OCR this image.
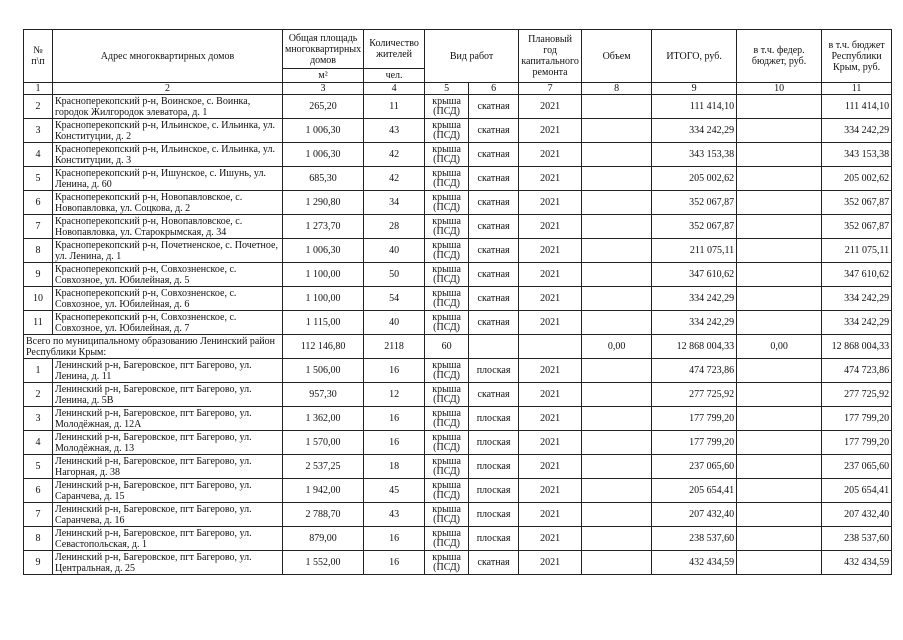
№ п\п	Адрес многоквартирных домов	Общая площадь многоквартирных домов	Количество жителей	Вид работ		Плановый год капитального ремонта	Объем	ИТОГО, руб.	в т.ч. федер. бюджет, руб.	в т.ч. бюджет Республики Крым, руб.
		м²	чел.							
1	2	3	4	5	6	7	8	9	10	11
2	Красноперекопский р-н, Воинское, с. Воинка, городок Жилгородок элеватора, д. 1	265,20	11	крыша (ПСД)	скатная	2021		111 414,10		111 414,10
3	Красноперекопский р-н, Ильинское, с. Ильинка, ул. Конституции, д. 2	1 006,30	43	крыша (ПСД)	скатная	2021		334 242,29		334 242,29
4	Красноперекопский р-н, Ильинское, с. Ильинка, ул. Конституции, д. 3	1 006,30	42	крыша (ПСД)	скатная	2021		343 153,38		343 153,38
5	Красноперекопский р-н, Ишунское, с. Ишунь, ул. Ленина, д. 60	685,30	42	крыша (ПСД)	скатная	2021		205 002,62		205 002,62
6	Красноперекопский р-н, Новопавловское, с. Новопавловка, ул. Соцкова, д. 2	1 290,80	34	крыша (ПСД)	скатная	2021		352 067,87		352 067,87
7	Красноперекопский р-н, Новопавловское, с. Новопавловка, ул. Старокрымская, д. 34	1 273,70	28	крыша (ПСД)	скатная	2021		352 067,87		352 067,87
8	Красноперекопский р-н, Почетненское, с. Почетное, ул. Ленина, д. 1	1 006,30	40	крыша (ПСД)	скатная	2021		211 075,11		211 075,11
9	Красноперекопский р-н, Совхозненское, с. Совхозное, ул. Юбилейная, д. 5	1 100,00	50	крыша (ПСД)	скатная	2021		347 610,62		347 610,62
10	Красноперекопский р-н, Совхозненское, с. Совхозное, ул. Юбилейная, д. 6	1 100,00	54	крыша (ПСД)	скатная	2021		334 242,29		334 242,29
11	Красноперекопский р-н, Совхозненское, с. Совхозное, ул. Юбилейная, д. 7	1 115,00	40	крыша (ПСД)	скатная	2021		334 242,29		334 242,29
Всего по муниципальному образованию Ленинский район Республики Крым:		112 146,80	2118	60			0,00	12 868 004,33	0,00	12 868 004,33
1	Ленинский р-н, Багеровское, пгт Багерово, ул. Ленина, д. 11	1 506,00	16	крыша (ПСД)	плоская	2021		474 723,86		474 723,86
2	Ленинский р-н, Багеровское, пгт Багерово, ул. Ленина, д. 5В	957,30	12	крыша (ПСД)	скатная	2021		277 725,92		277 725,92
3	Ленинский р-н, Багеровское, пгт Багерово, ул. Молодёжная, д. 12А	1 362,00	16	крыша (ПСД)	плоская	2021		177 799,20		177 799,20
4	Ленинский р-н, Багеровское, пгт Багерово, ул. Молодёжная, д. 13	1 570,00	16	крыша (ПСД)	плоская	2021		177 799,20		177 799,20
5	Ленинский р-н, Багеровское, пгт Багерово, ул. Нагорная, д. 38	2 537,25	18	крыша (ПСД)	плоская	2021		237 065,60		237 065,60
6	Ленинский р-н, Багеровское, пгт Багерово, ул. Саранчева, д. 15	1 942,00	45	крыша (ПСД)	плоская	2021		205 654,41		205 654,41
7	Ленинский р-н, Багеровское, пгт Багерово, ул. Саранчева, д. 16	2 788,70	43	крыша (ПСД)	плоская	2021		207 432,40		207 432,40
8	Ленинский р-н, Багеровское, пгт Багерово, ул. Севастопольская, д. 1	879,00	16	крыша (ПСД)	плоская	2021		238 537,60		238 537,60
9	Ленинский р-н, Багеровское, пгт Багерово, ул. Центральная, д. 25	1 552,00	16	крыша (ПСД)	скатная	2021		432 434,59		432 434,59
